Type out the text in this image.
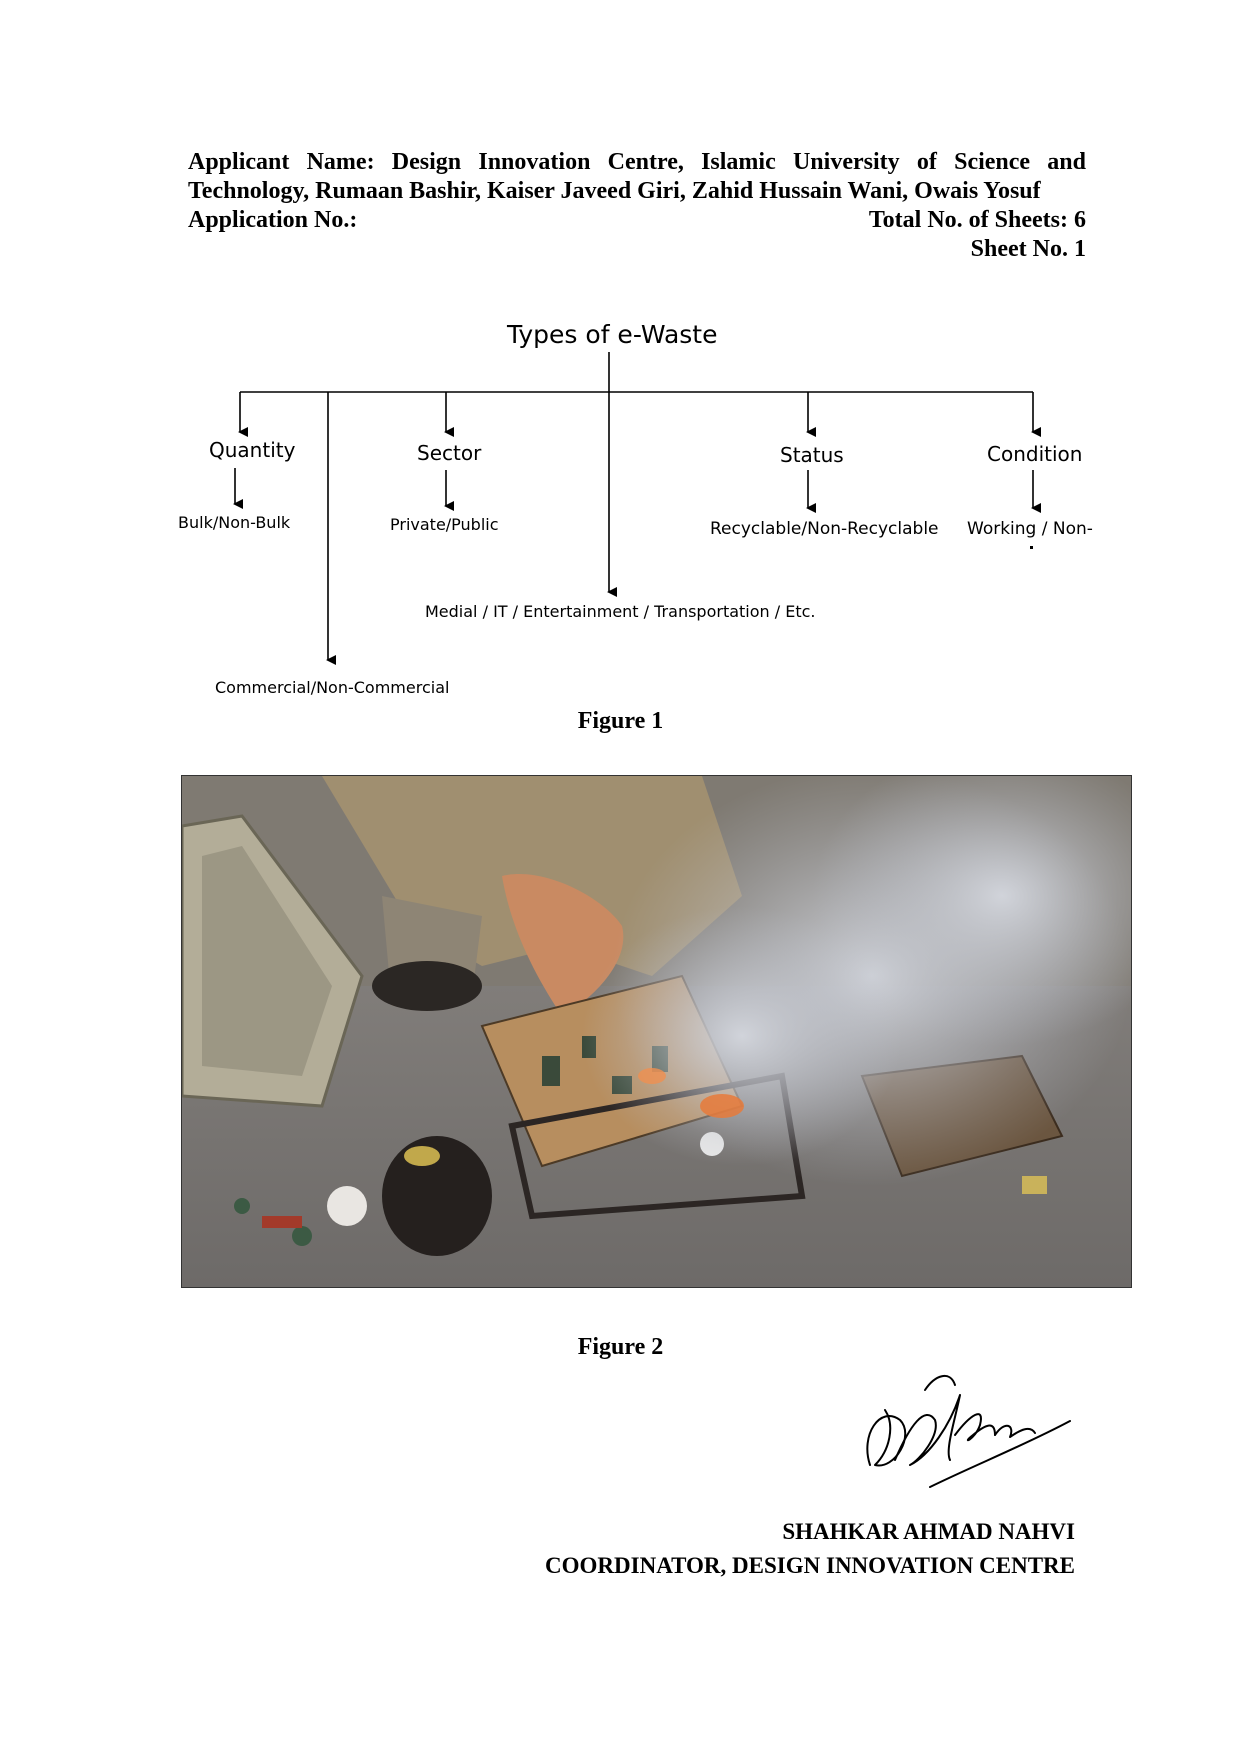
Applicant Name: Design Innovation Centre, Islamic University of Science and Technology, Rumaan Bashir, Kaiser Javeed Giri, Zahid Hussain Wani, Owais Yosuf

Application No.:	Total No. of Sheets: 6
Sheet No. 1
Types of e-Waste
Quantity	Sector	Status	Condition
Bulk/Non-Bulk	Private/Public	Recyclable/Non-Recyclable Working / Non-
Medial / IT / Entertainment / Transportation / Etc.
Commercial/Non-Commercial
Figure 1
Figure 2
SHAHKAR AHMAD NAHVI
COORDINATOR, DESIGN INNOVATION CENTRE
